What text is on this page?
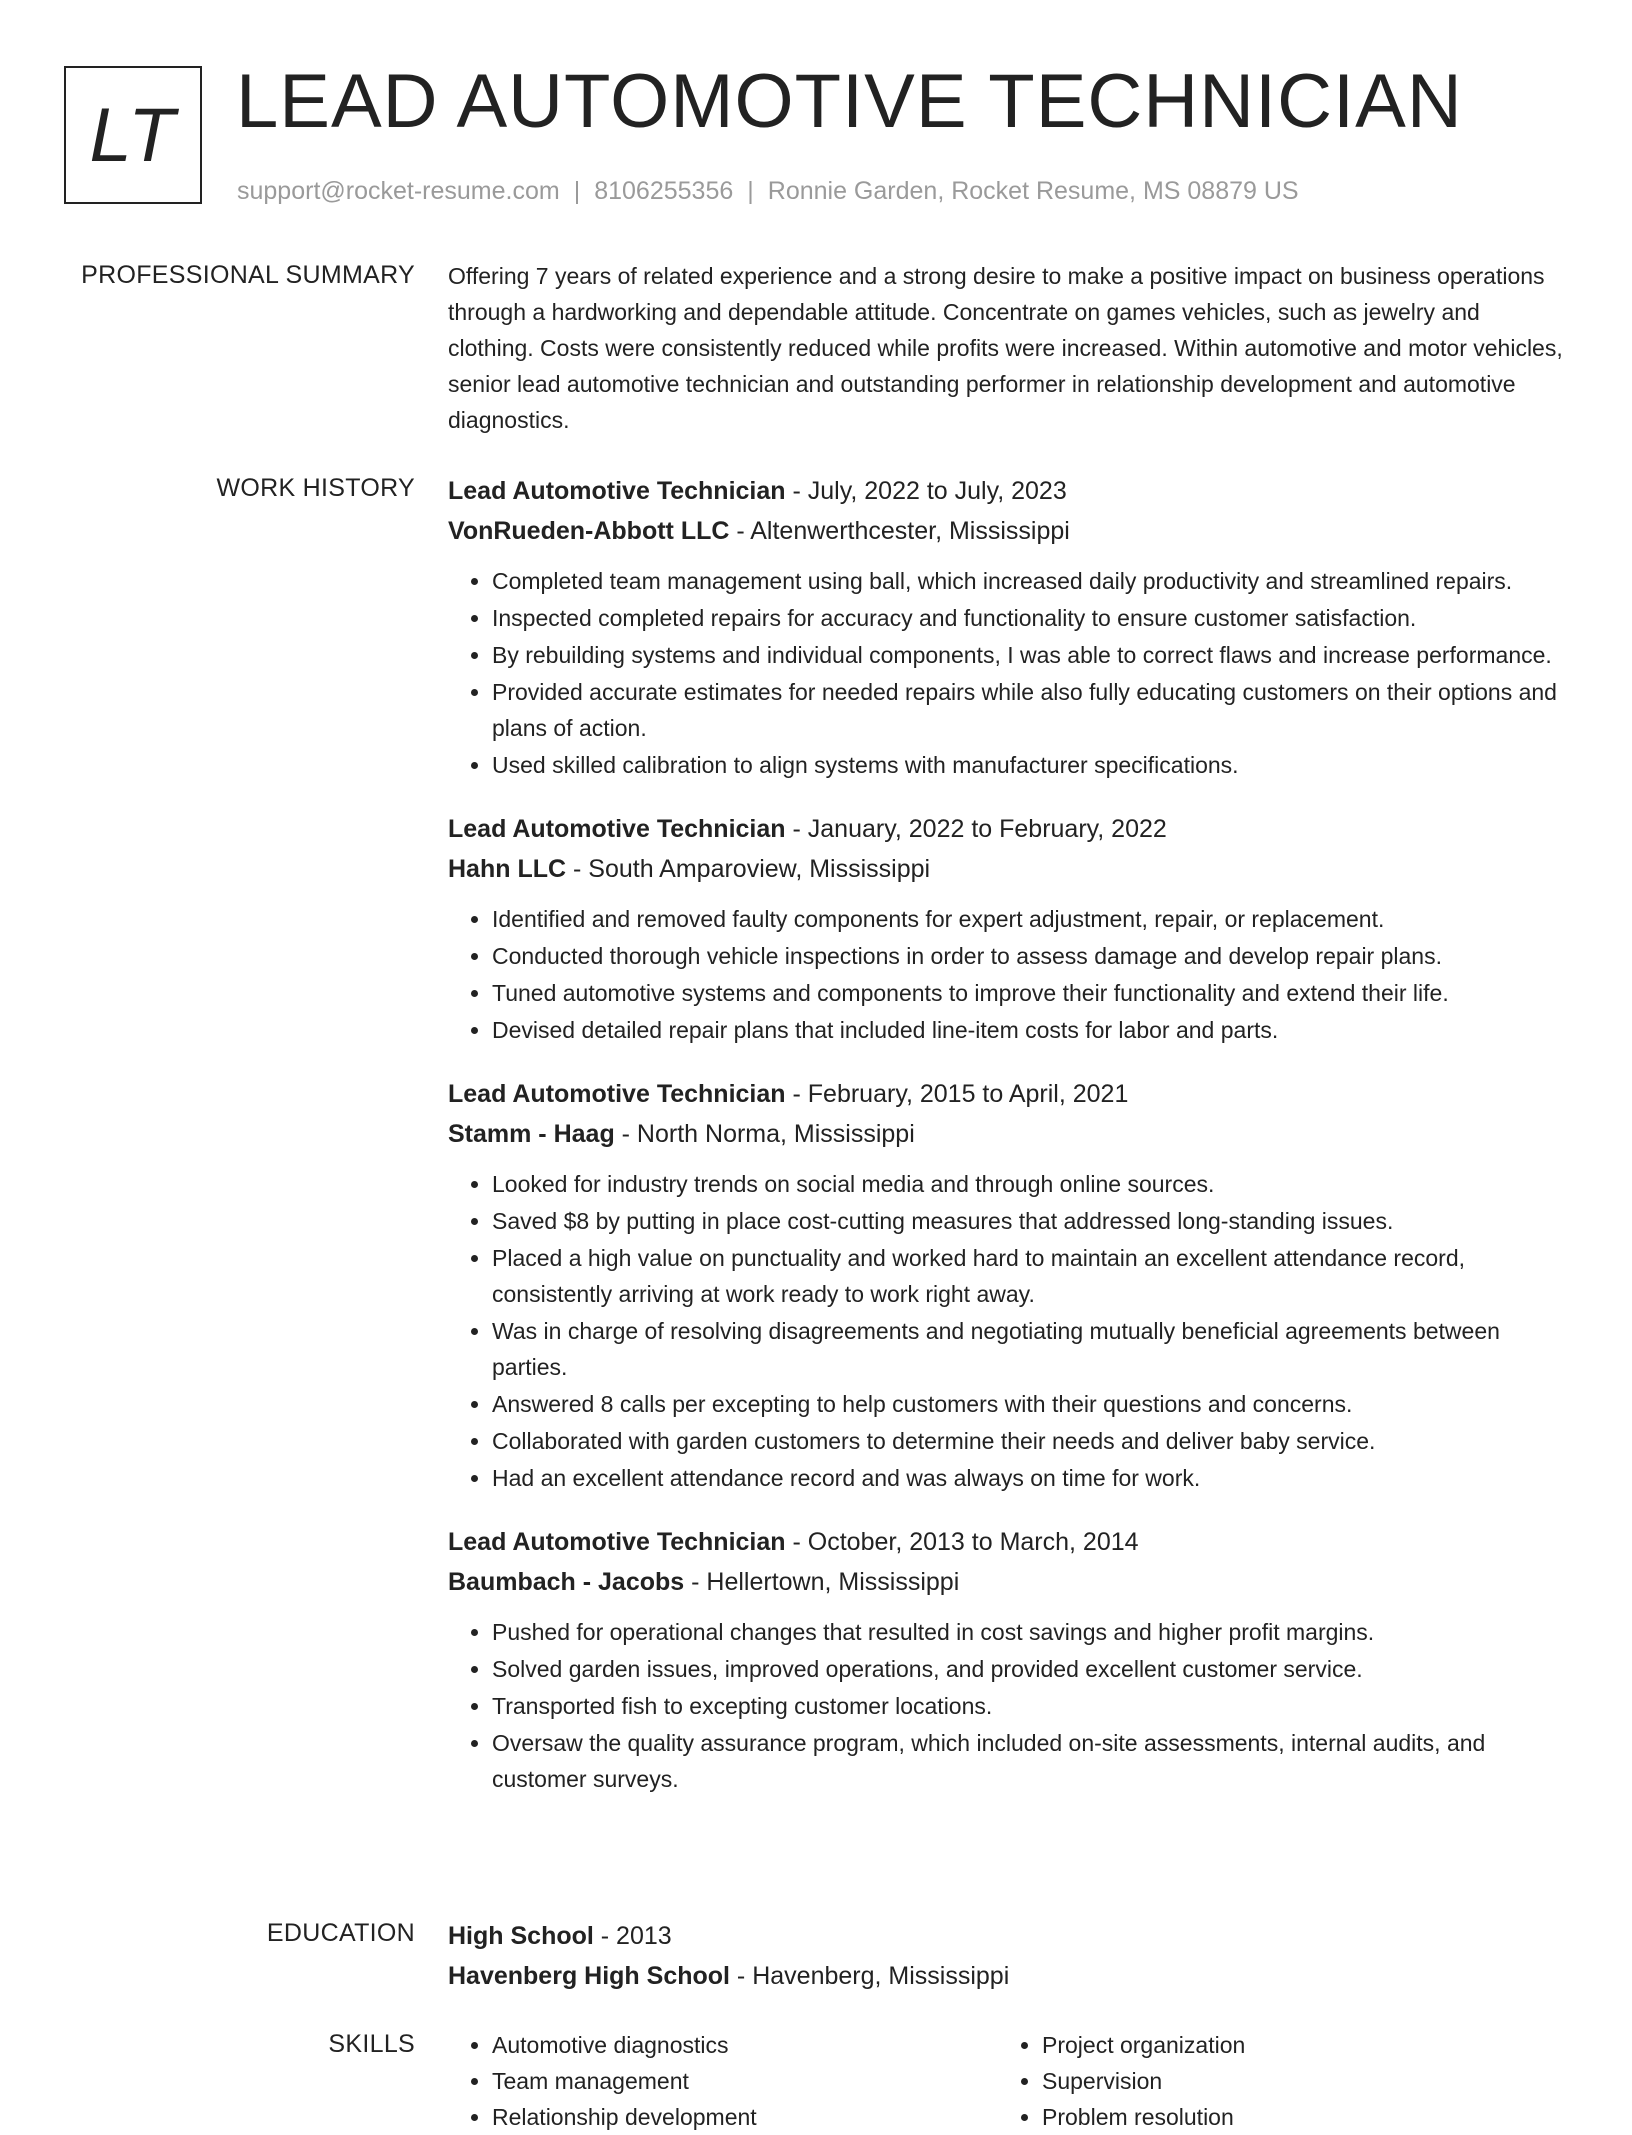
LT LEAD AUTOMOTIVE TECHNICIAN
support@rocket-resume.com | 8106255356 | Ronnie Garden, Rocket Resume, MS 08879 US
PROFESSIONAL SUMMARY Offering 7 years of related experience and a strong desire to make a positive impact on business operations through a hardworking and dependable attitude. Concentrate on games vehicles, such as jewelry and clothing. Costs were consistently reduced while profits were increased. Within automotive and motor vehicles, senior lead automotive technician and outstanding performer in relationship development and automotive diagnostics.

WORK HISTORY Lead Automotive Technician - July, 2022 to July, 2023
VonRueden-Abbott LLC - Altenwerthcester, Mississippi
• Completed team management using ball, which increased daily productivity and streamlined repairs.
• Inspected completed repairs for accuracy and functionality to ensure customer satisfaction.
• By rebuilding systems and individual components, I was able to correct flaws and increase performance.
• Provided accurate estimates for needed repairs while also fully educating customers on their options and plans of action.
• Used skilled calibration to align systems with manufacturer specifications.
Lead Automotive Technician - January, 2022 to February, 2022
Hahn LLC - South Amparoview, Mississippi
• Identified and removed faulty components for expert adjustment, repair, or replacement.
• Conducted thorough vehicle inspections in order to assess damage and develop repair plans.
• Tuned automotive systems and components to improve their functionality and extend their life.
• Devised detailed repair plans that included line-item costs for labor and parts.
Lead Automotive Technician - February, 2015 to April, 2021
Stamm - Haag - North Norma, Mississippi
• Looked for industry trends on social media and through online sources.
• Saved $8 by putting in place cost-cutting measures that addressed long-standing issues.
• Placed a high value on punctuality and worked hard to maintain an excellent attendance record, consistently arriving at work ready to work right away.
• Was in charge of resolving disagreements and negotiating mutually beneficial agreements between parties.
• Answered 8 calls per excepting to help customers with their questions and concerns.
• Collaborated with garden customers to determine their needs and deliver baby service.
• Had an excellent attendance record and was always on time for work.
Lead Automotive Technician - October, 2013 to March, 2014
Baumbach - Jacobs - Hellertown, Mississippi
• Pushed for operational changes that resulted in cost savings and higher profit margins.
• Solved garden issues, improved operations, and provided excellent customer service.
• Transported fish to excepting customer locations.
• Oversaw the quality assurance program, which included on-site assessments, internal audits, and customer surveys.
EDUCATION High School - 2013
Havenberg High School - Havenberg, Mississippi
SKILLS
•	Automotive diagnostics
• Team management
• Relationship development
• Project organization
• Supervision
• Problem resolution
